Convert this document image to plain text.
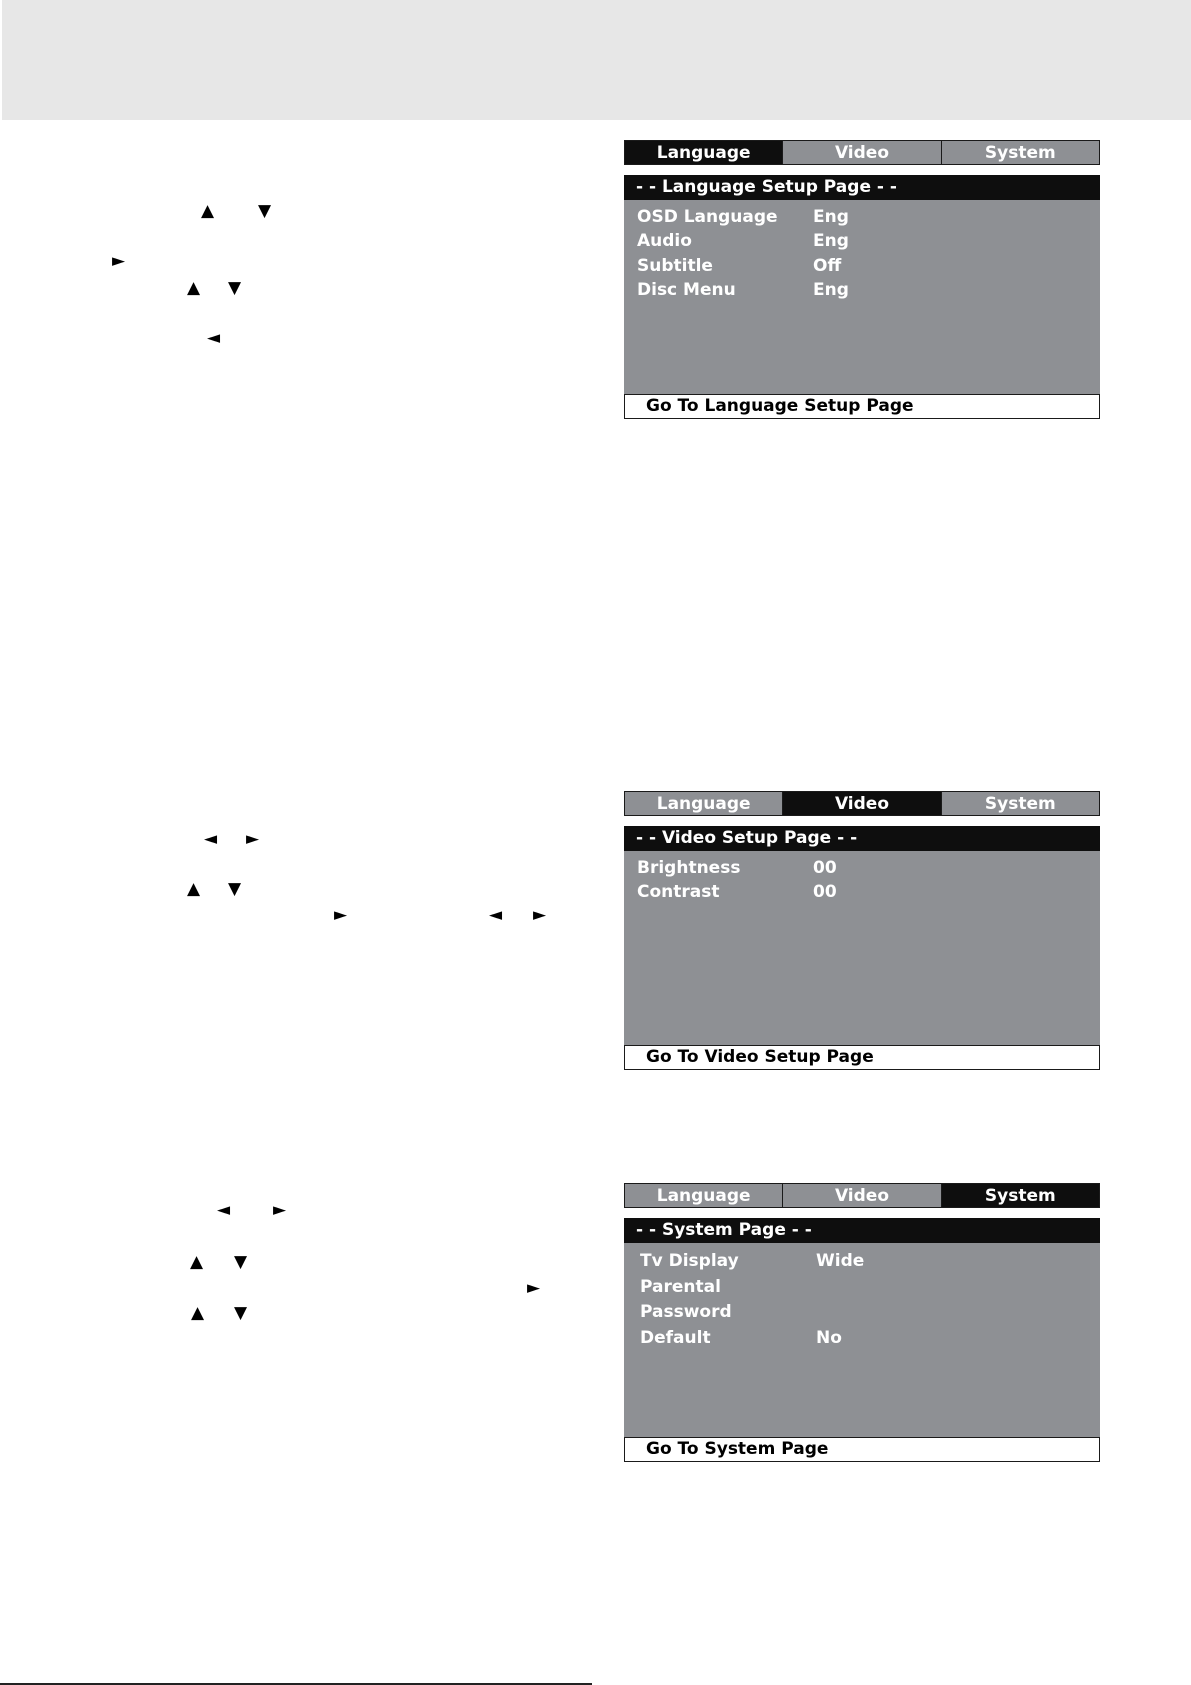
▲	▼
►
▲ ▼
◄
◄ ►
▲ ▼
►	◄ ►
◄	►
▲ ▼
►
▲ ▼
Language	Video	System
- - Language Setup Page - -
OSD Language Eng
Audio	Eng
Subtitle	Off
Disc Menu	Eng
Go To Language Setup Page
Language	Video	System
- - Video Setup Page - -
Brightness	00
Contrast	00
Go To Video Setup Page
Language	Video	System
- - System Page - -
Tv Display	Wide
Parental
Password
Default	No
Go To System Page
